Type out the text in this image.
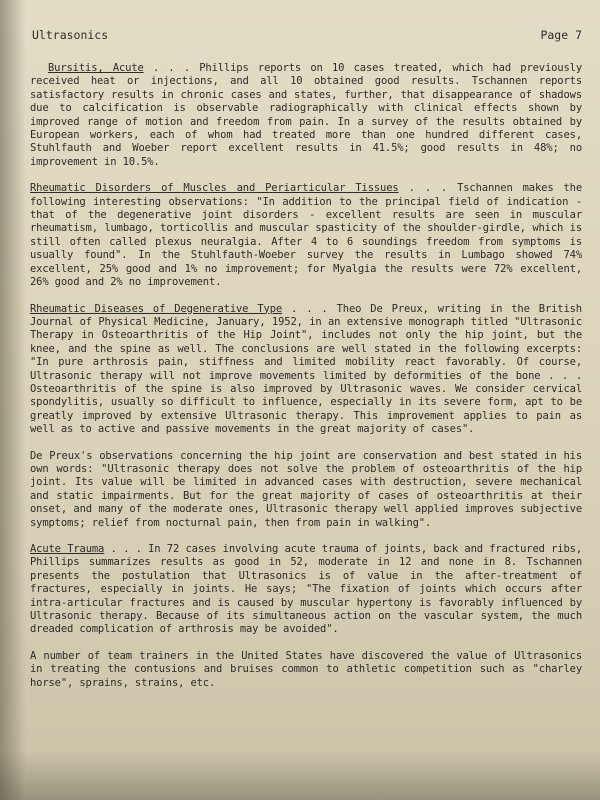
Ultrasonics	Page 7

Bursitis, Acute . . . Phillips reports on 10 cases treated, which had previously received heat or injections, and all 10 obtained good results. Tschannen reports satisfactory results in chronic cases and states, further, that disappearance of shadows due to calcification is observable radiographically with clinical effects shown by improved range of motion and freedom from pain. In a survey of the results obtained by European workers, each of whom had treated more than one hundred different cases, Stuhlfauth and Woeber report excellent results in 41.5%; good results in 48%; no improvement in 10.5%.

Rheumatic Disorders of Muscles and Periarticular Tissues . . . Tschannen makes the following interesting observations: "In addition to the principal field of indication - that of the degenerative joint disorders - excellent results are seen in muscular rheumatism, lumbago, torticollis and muscular spasticity of the shoulder-girdle, which is still often called plexus neuralgia. After 4 to 6 soundings freedom from symptoms is usually found". In the Stuhlfauth-Woeber survey the results in Lumbago showed 74% excellent, 25% good and 1% no improvement; for Myalgia the results were 72% excellent, 26% good and 2% no improvement.

Rheumatic Diseases of Degenerative Type . . . Theo De Preux, writing in the British Journal of Physical Medicine, January, 1952, in an extensive monograph titled "Ultrasonic Therapy in Osteoarthritis of the Hip Joint", includes not only the hip joint, but the knee, and the spine as well. The conclusions are well stated in the following excerpts: "In pure arthrosis pain, stiffness and limited mobility react favorably. Of course, Ultrasonic therapy will not improve movements limited by deformities of the bone . . . Osteoarthritis of the spine is also improved by Ultrasonic waves. We consider cervical spondylitis, usually so difficult to influence, especially in its severe form, apt to be greatly improved by extensive Ultrasonic therapy. This improvement applies to pain as well as to active and passive movements in the great majority of cases".

De Preux's observations concerning the hip joint are conservation and best stated in his own words: "Ultrasonic therapy does not solve the problem of osteoarthritis of the hip joint. Its value will be limited in advanced cases with destruction, severe mechanical and static impairments. But for the great majority of cases of osteoarthritis at their onset, and many of the moderate ones, Ultrasonic therapy well applied improves subjective symptoms; relief from nocturnal pain, then from pain in walking".

Acute Trauma . . . In 72 cases involving acute trauma of joints, back and fractured ribs, Phillips summarizes results as good in 52, moderate in 12 and none in 8. Tschannen presents the postulation that Ultrasonics is of value in the after-treatment of fractures, especially in joints. He says; "The fixation of joints which occurs after intra-articular fractures and is caused by muscular hypertony is favorably influenced by Ultrasonic therapy. Because of its simultaneous action on the vascular system, the much dreaded complication of arthrosis may be avoided".

A number of team trainers in the United States have discovered the value of Ultrasonics in treating the contusions and bruises common to athletic competition such as "charley horse", sprains, strains, etc.
